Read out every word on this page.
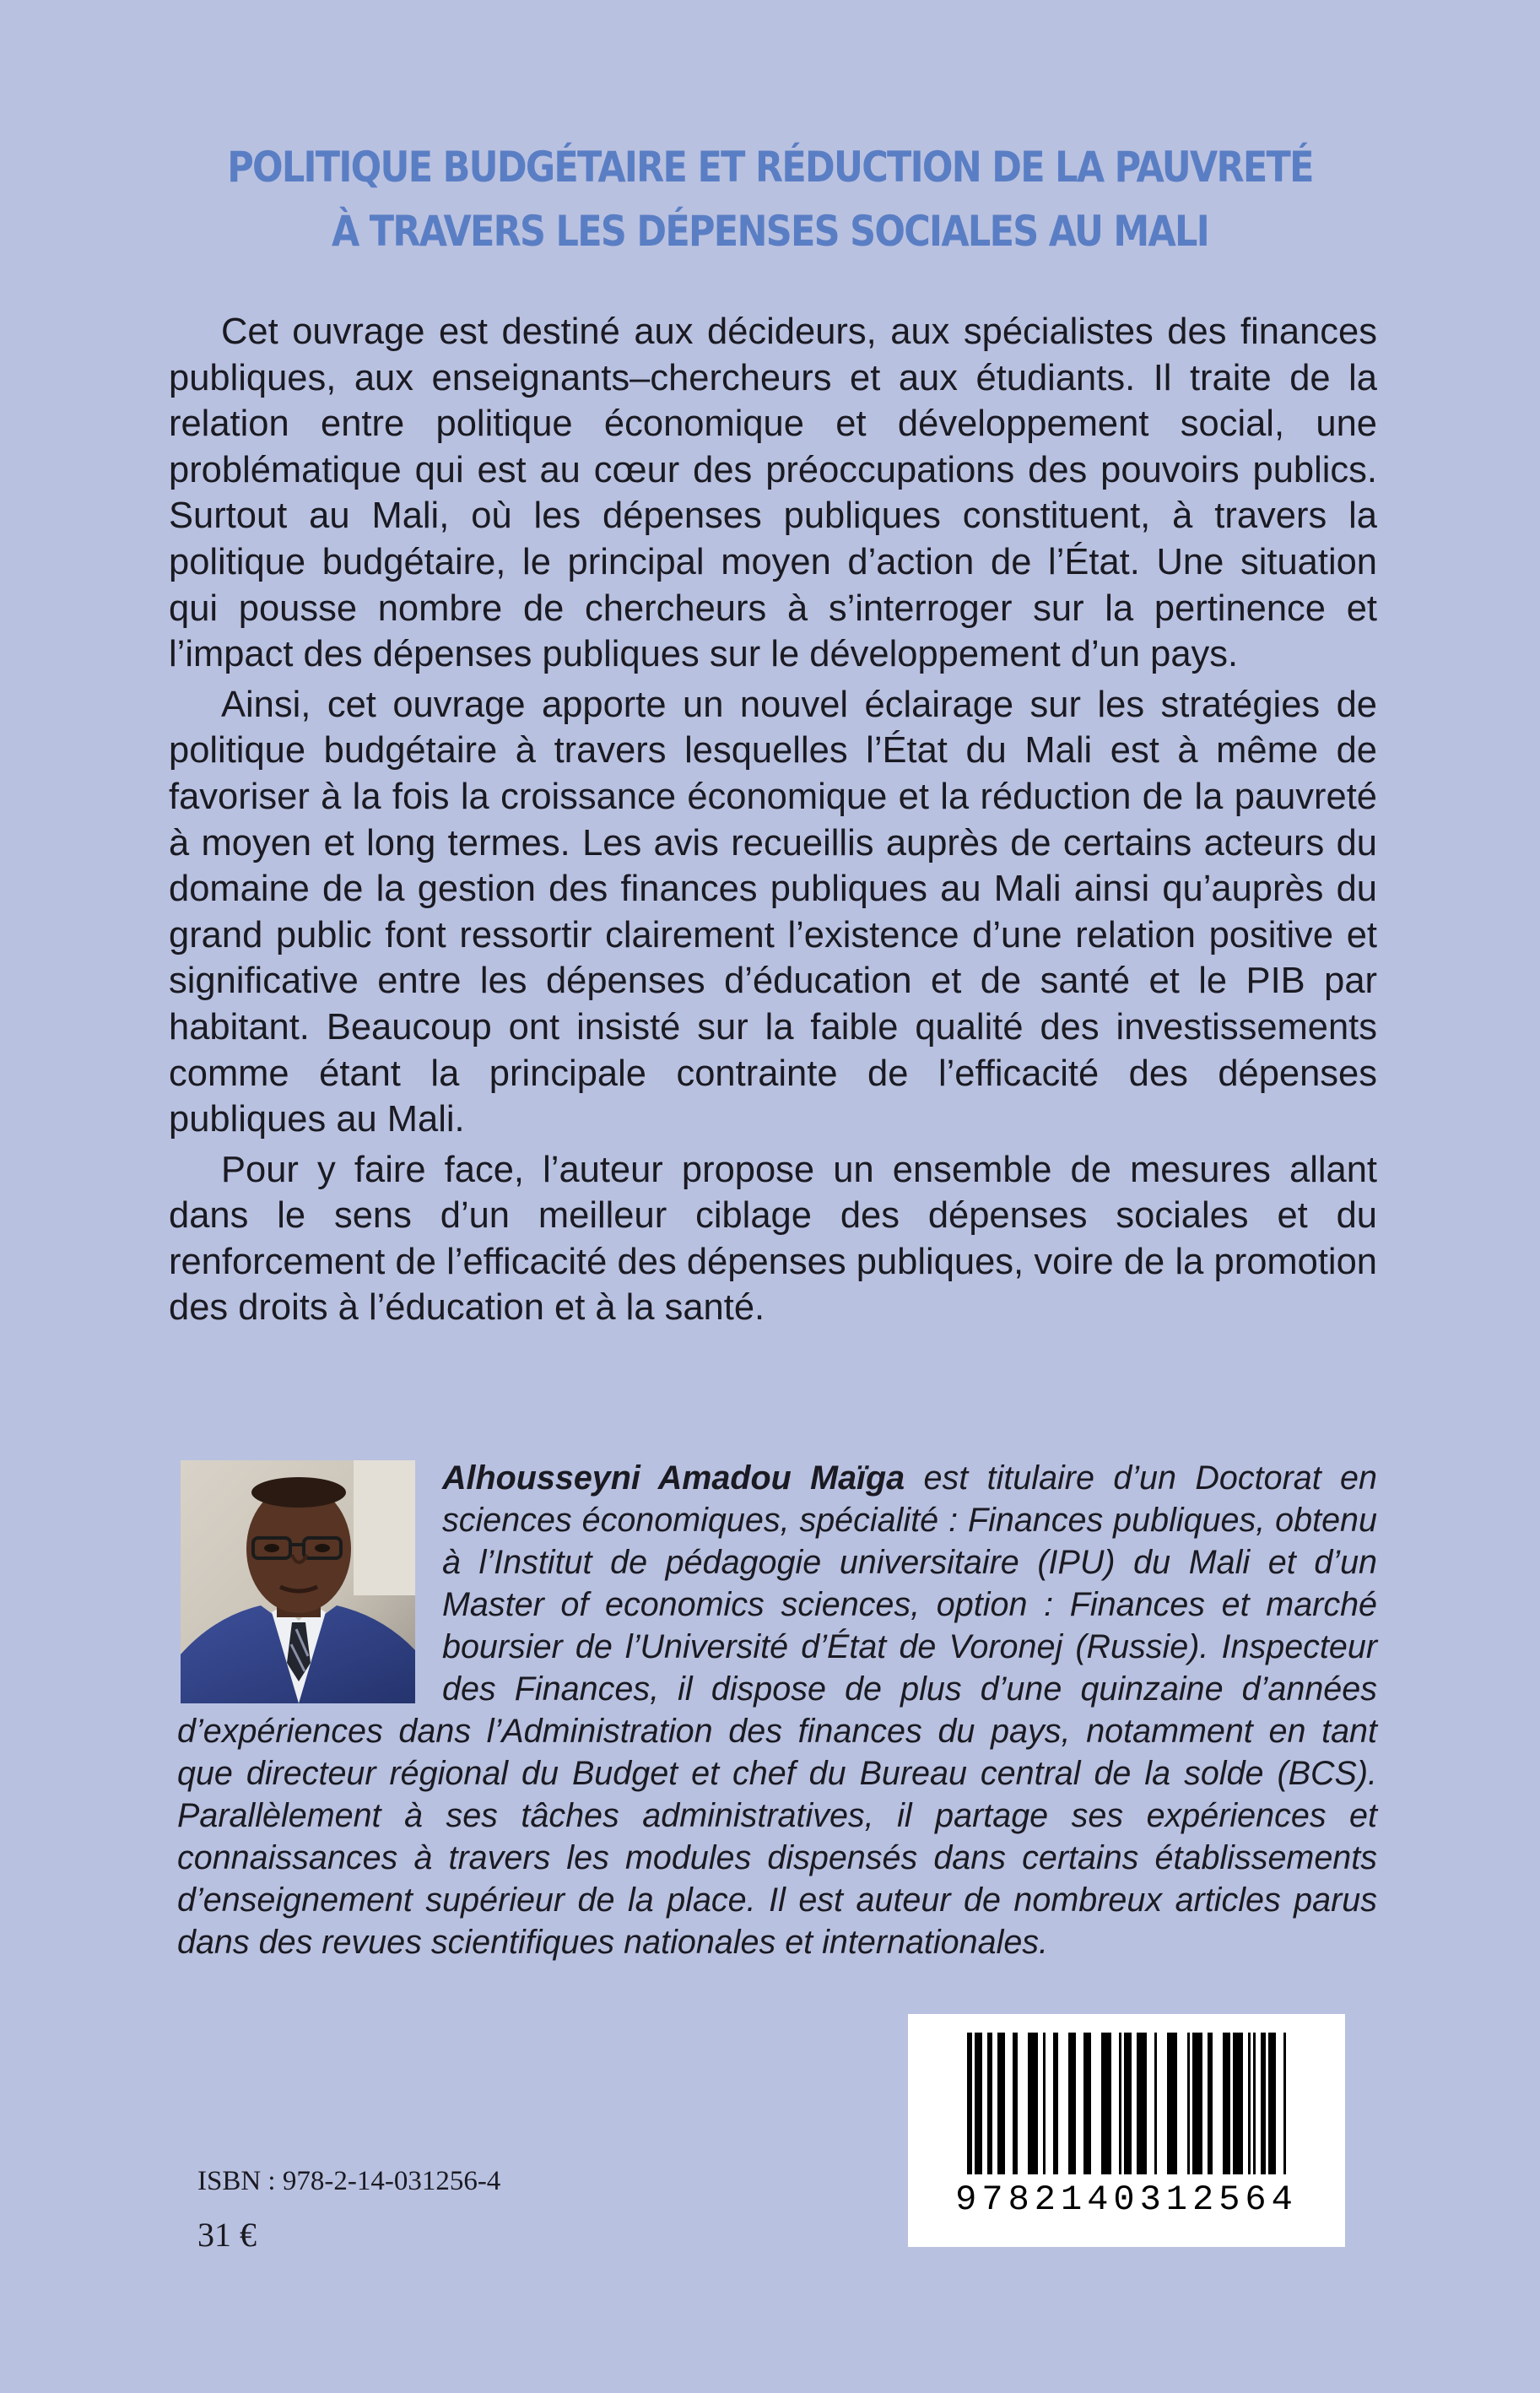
POLITIQUE BUDGÉTAIRE ET RÉDUCTION DE LA PAUVRETÉ
À TRAVERS LES DÉPENSES SOCIALES AU MALI

Cet ouvrage est destiné aux décideurs, aux spécialistes des finances publiques, aux enseignants–chercheurs et aux étudiants. Il traite de la relation entre politique économique et développement social, une problématique qui est au cœur des préoccupations des pouvoirs publics. Surtout au Mali, où les dépenses publiques constituent, à travers la politique budgétaire, le principal moyen d’action de l’État. Une situation qui pousse nombre de chercheurs à s’interroger sur la pertinence et l’impact des dépenses publiques sur le développement d’un pays.

Ainsi, cet ouvrage apporte un nouvel éclairage sur les stratégies de politique budgétaire à travers lesquelles l’État du Mali est à même de favoriser à la fois la croissance économique et la réduction de la pauvreté à moyen et long termes. Les avis recueillis auprès de certains acteurs du domaine de la gestion des finances publiques au Mali ainsi qu’auprès du grand public font ressortir clairement l’existence d’une relation positive et significative entre les dépenses d’éducation et de santé et le PIB par habitant. Beaucoup ont insisté sur la faible qualité des investissements comme étant la principale contrainte de l’efficacité des dépenses publiques au Mali.

Pour y faire face, l’auteur propose un ensemble de mesures allant dans le sens d’un meilleur ciblage des dépenses sociales et du renforcement de l’efficacité des dépenses publiques, voire de la promotion des droits à l’éducation et à la santé.

Alhousseyni Amadou Maïga est titulaire d’un Doctorat en sciences économiques, spécialité : Finances publiques, obtenu à l’Institut de pédagogie universitaire (IPU) du Mali et d’un Master of economics sciences, option : Finances et marché boursier de l’Université d’État de Voronej (Russie). Inspecteur des Finances, il dispose de plus d’une quinzaine d’années d’expériences dans l’Administration des finances du pays, notamment en tant que directeur régional du Budget et chef du Bureau central de la solde (BCS). Parallèlement à ses tâches administratives, il partage ses expériences et connaissances à travers les modules dispensés dans certains établissements d’enseignement supérieur de la place. Il est auteur de nombreux articles parus dans des revues scientifiques nationales et internationales.
9782140312564
ISBN : 978-2-14-031256-4
31 €
